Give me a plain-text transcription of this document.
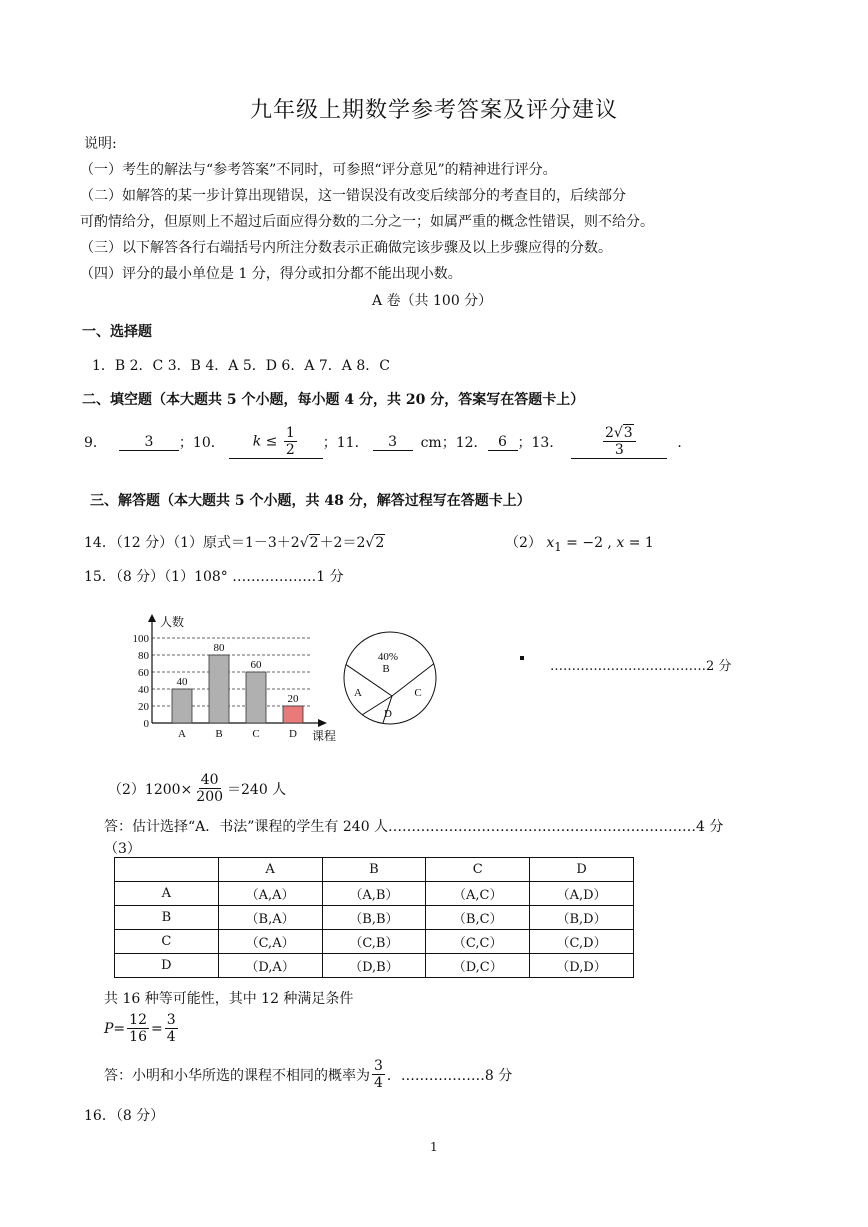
九年级上期数学参考答案及评分建议
说明:
（一）考生的解法与“参考答案”不同时，可参照“评分意见”的精神进行评分。
（二）如解答的某一步计算出现错误，这一错误没有改变后续部分的考查目的，后续部分
可酌情给分，但原则上不超过后面应得分数的二分之一；如属严重的概念性错误，则不给分。
（三）以下解答各行右端括号内所注分数表示正确做完该步骤及以上步骤应得的分数。
（四）评分的最小单位是 1 分，得分或扣分都不能出现小数。
A 卷（共 100 分）
一、选择题
1．B 2．C 3．B 4．A 5．D 6．A 7．A 8．C
二、填空题（本大题共 5 个小题，每小题 4 分，共 20 分，答案写在答题卡上）
9．	3	；10．	$k \le \frac{1}{2}$ ；11．	3	cm；12． 6 ；13．	$\frac{2√3}{3}$	．
三、解答题（本大题共 5 个小题，共 48 分，解答过程写在答题卡上）
14．（12 分）（1）原式＝1－3＋2√2＋2＝2√2	（2） $x_1 = -2$ , x = 1
15．（8 分）（1）108° ………………1 分
0
20
40
60
80
100
人数
课程
40
A
80
B
60
C
20
D
40%
B
C
D
A
………………………………2 分
$(2)1200\times \frac{40}{200} =240$ 人
答：估计选择“A．书法”课程的学生有 240 人…………………………………………………………4 分
（3）
	A	B	C	D
A	（A,A）	（A,B）	（A,C）	（A,D）
B	（B,A）	（B,B）	（B,C）	（B,D）
C	（C,A）	（C,B）	（C,C）	（C,D）
D	（D,A）	（D,B）	（D,C）	（D,D）
共 16 种等可能性，其中 12 种满足条件
$P = \frac{12}{16} = \frac{3}{4}$
答：小明和小华所选的课程不相同的概率为 $\frac{3}{4}$ ．………………8 分
16．（8 分）
1
